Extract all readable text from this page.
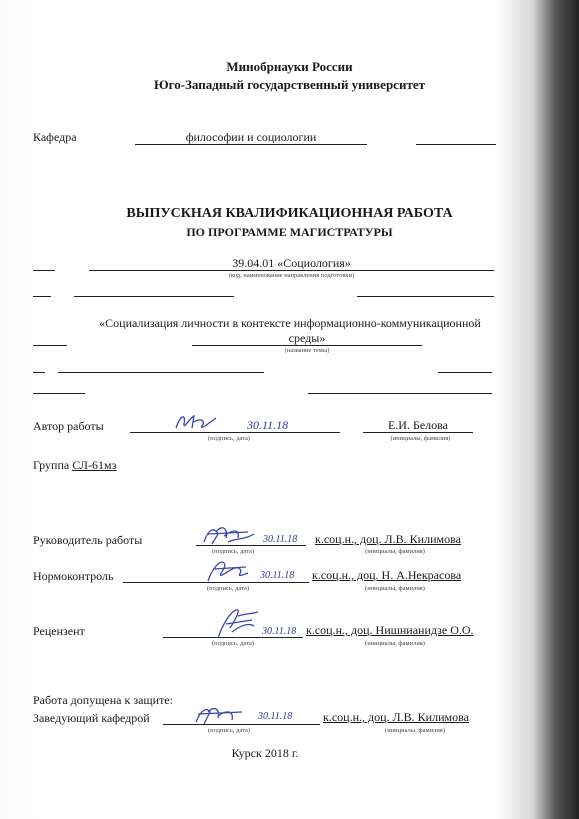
Минобрнауки России
Юго-Западный государственный университет
Кафедра	философии и социологии
ВЫПУСКНАЯ КВАЛИФИКАЦИОННАЯ РАБОТА
ПО ПРОГРАММЕ МАГИСТРАТУРЫ
39.04.01 «Социология»
(код, наименование направления подготовки)
«Социализация личности в контексте информационно-коммуникационной
среды»
(название темы)
Автор работы	30.11.18
(подпись, дата)
Е.И. Белова
(инициалы, фамилия)
Группа СЛ-61мз
Руководитель работы	30.11.18
(подпись, дата)
к.соц.н., доц. Л.В. Килимова
(инициалы, фамилия)
Нормоконтроль	30.11.18
(подпись, дата)
к.соц.н., доц. Н. А.Некрасова
(инициалы, фамилия)
Рецензент	30.11.18
(подпись, дата)
к.соц.н., доц. Нишнианидзе О.О.
(инициалы, фамилия)
Работа допущена к защите:
Заведующий кафедрой	30.11.18
(подпись, дата)
к.соц.н., доц. Л.В. Килимова
(инициалы, фамилия)
Курск 2018 г.
